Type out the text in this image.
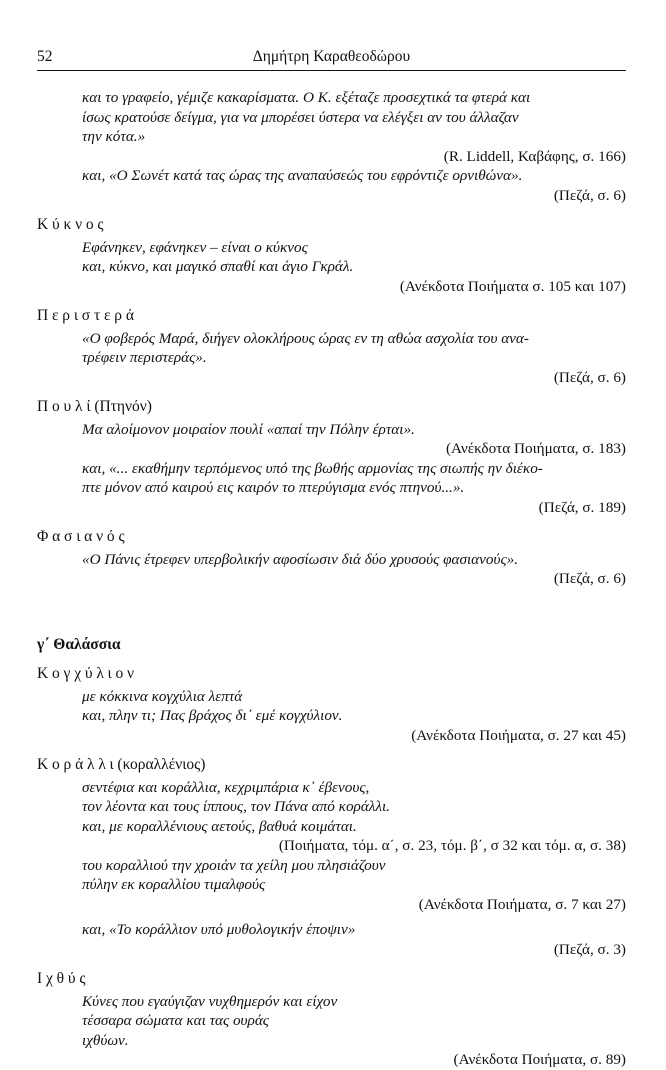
52	Δημήτρη Καραθεοδώρου
και το γραφείο, γέμιζε κακαρίσματα. Ο Κ. εξέταζε προσεχτικά τα φτερά και
ίσως κρατούσε δείγμα, για να μπορέσει ύστερα να ελέγξει αν του άλλαζαν
την κότα.»
(R. Liddell, Καβάφης, σ. 166)
και, «Ο Σωνέτ κατά τας ώρας της αναπαύσεώς του εφρόντιζε ορνιθώνα».
(Πεζά, σ. 6)
Κύκνος
Εφάνηκεν, εφάνηκεν – είναι ο κύκνος
και, κύκνο, και μαγικό σπαθί και άγιο Γκράλ.
(Ανέκδοτα Ποιήματα σ. 105 και 107)
Περιστερά
«Ο φοβερός Μαρά, διήγεν ολοκλήρους ώρας εν τη αθώα ασχολία του ανα-
τρέφειν περιστεράς».
(Πεζά, σ. 6)
Πουλί(Πτηνόν)
Μα αλοίμονον μοιραίον πουλί «απαί την Πόλην έρται».
(Ανέκδοτα Ποιήματα, σ. 183)
και, «... εκαθήμην τερπόμενος υπό της βωθής αρμονίας της σιωπής ην διέκο-
πτε μόνον από καιρού εις καιρόν το πτερύγισμα ενός πτηνού...».
(Πεζά, σ. 189)
Φασιανός
«Ο Πάνις έτρεφεν υπερβολικήν αφοσίωσιν διά δύο χρυσούς φασιανούς».
(Πεζά, σ. 6)
γ΄ Θαλάσσια
Κογχύλιον
με κόκκινα κογχύλια λεπτά
και, πλην τι; Πας βράχος δι᾽ εμέ κογχύλιον.
(Ανέκδοτα Ποιήματα, σ. 27 και 45)
Κοράλλι(κοραλλένιος)
σεντέφια και κοράλλια, κεχριμπάρια κ᾽ έβενους,
τον λέοντα και τους ίππους, τον Πάνα από κοράλλι.
και, με κοραλλένιους αετούς, βαθυά κοιμάται.
(Ποιήματα, τόμ. α΄, σ. 23, τόμ. β΄, σ 32 και τόμ. α, σ. 38)
του κοραλλιού την χροιάν τα χείλη μου πλησιάζουν
πύλην εκ κοραλλίου τιμαλφούς
(Ανέκδοτα Ποιήματα, σ. 7 και 27)
και, «Το κοράλλιον υπό μυθολογικήν έποψιν»
(Πεζά, σ. 3)
Ιχθύς
Κύνες που εγαύγιζαν νυχθημερόν και είχον
τέσσαρα σώματα και τας ουράς
ιχθύων.
(Ανέκδοτα Ποιήματα, σ. 89)
